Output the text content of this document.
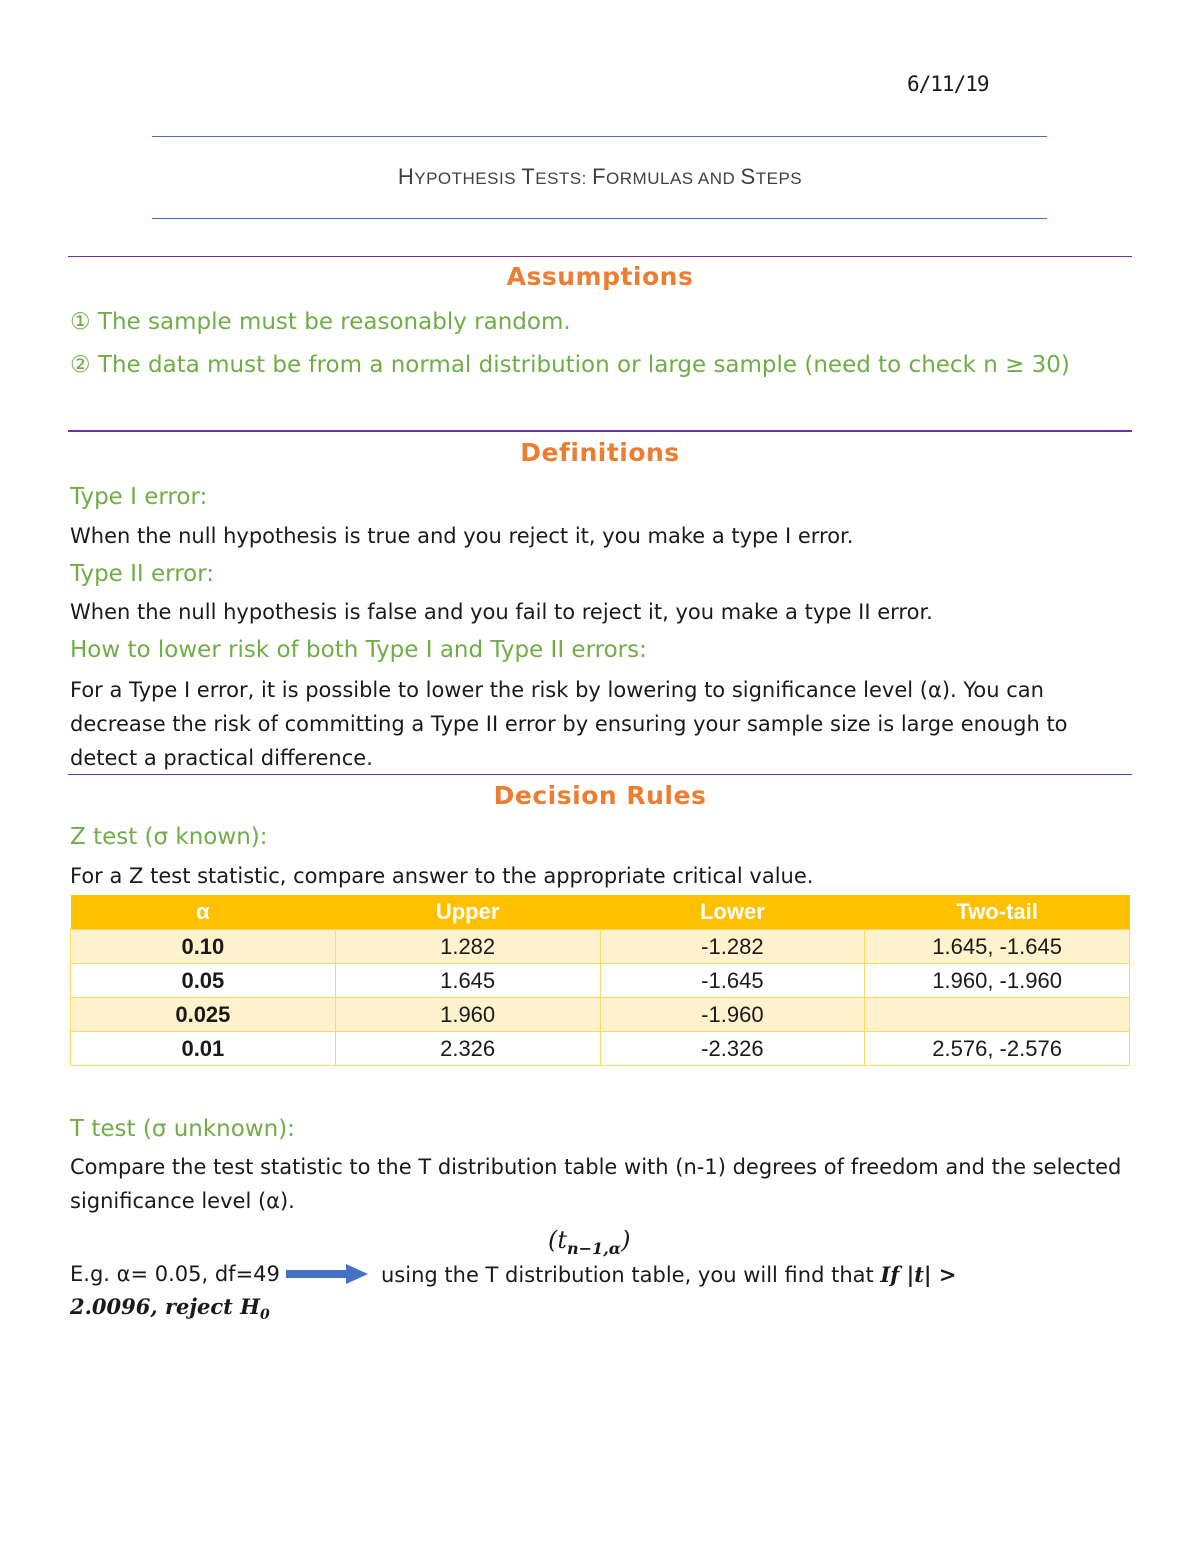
6/11/19
HYPOTHESIS TESTS: FORMULAS AND STEPS
Assumptions
① The sample must be reasonably random.
② The data must be from a normal distribution or large sample (need to check n ≥ 30)
Definitions
Type I error:
When the null hypothesis is true and you reject it, you make a type I error.
Type II error:
When the null hypothesis is false and you fail to reject it, you make a type II error.
How to lower risk of both Type I and Type II errors:
For a Type I error, it is possible to lower the risk by lowering to significance level (α). You can decrease the risk of committing a Type II error by ensuring your sample size is large enough to detect a practical difference.
Decision Rules
Z test (σ known):
For a Z test statistic, compare answer to the appropriate critical value.
α	Upper	Lower	Two-tail
0.10	1.282	-1.282	1.645, -1.645
0.05	1.645	-1.645	1.960, -1.960
0.025	1.960	-1.960	
0.01	2.326	-2.326	2.576, -2.576
T test (σ unknown):
Compare the test statistic to the T distribution table with (n-1) degrees of freedom and the selected significance level (α).
$(t_{n-1,\alpha})$
E.g. α= 0.05, df=49	using the T distribution table, you will find that If |t| >
2.0096, reject $H_0$
